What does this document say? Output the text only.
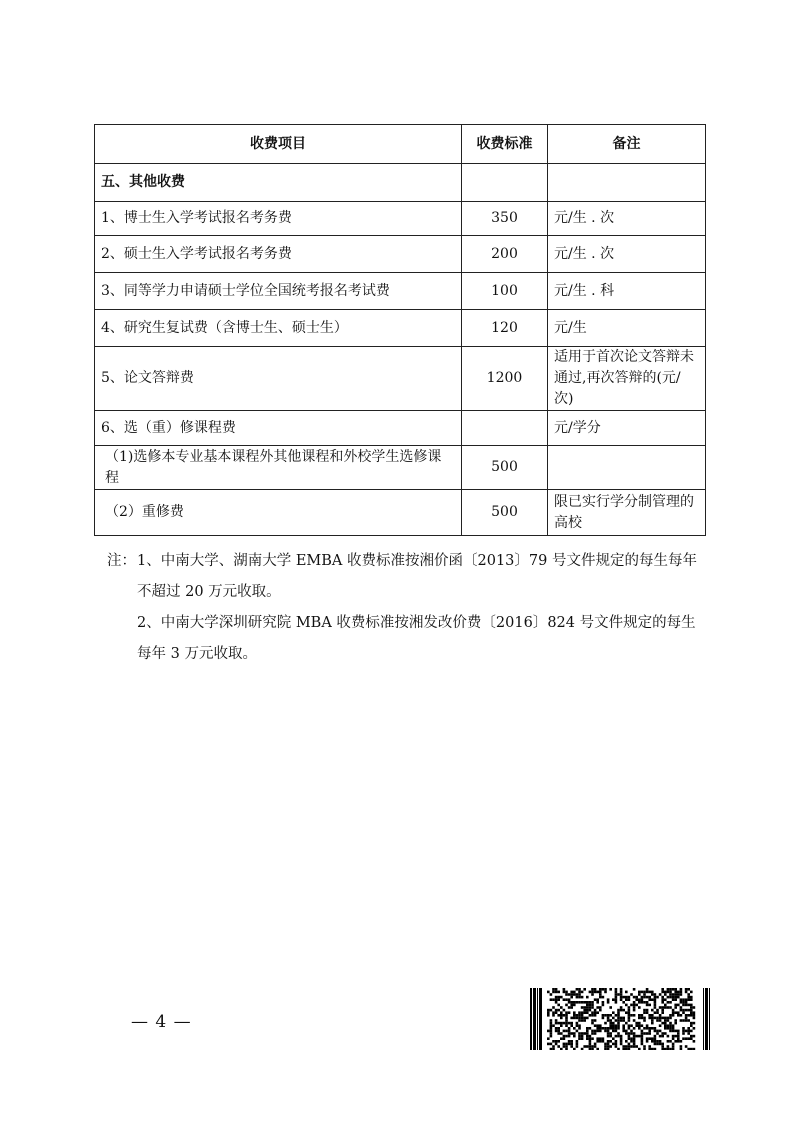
收费项目	收费标准	备注
五、其他收费		
1、博士生入学考试报名考务费	350	元/生 . 次
2、硕士生入学考试报名考务费	200	元/生 . 次
3、同等学力申请硕士学位全国统考报名考试费	100	元/生 . 科
4、研究生复试费（含博士生、硕士生）	120	元/生
5、论文答辩费	1200	适用于首次论文答辩未通过,再次答辩的(元/次)
6、选（重）修课程费		元/学分
（1)选修本专业基本课程外其他课程和外校学生选修课程	500	
（2）重修费	500	限已实行学分制管理的高校
注： 1、中南大学、湖南大学 EMBA 收费标准按湘价函〔2013〕79 号文件规定的每生每年不超过 20 万元收取。
2、中南大学深圳研究院 MBA 收费标准按湘发改价费〔2016〕824 号文件规定的每生每年 3 万元收取。
— 4 —
